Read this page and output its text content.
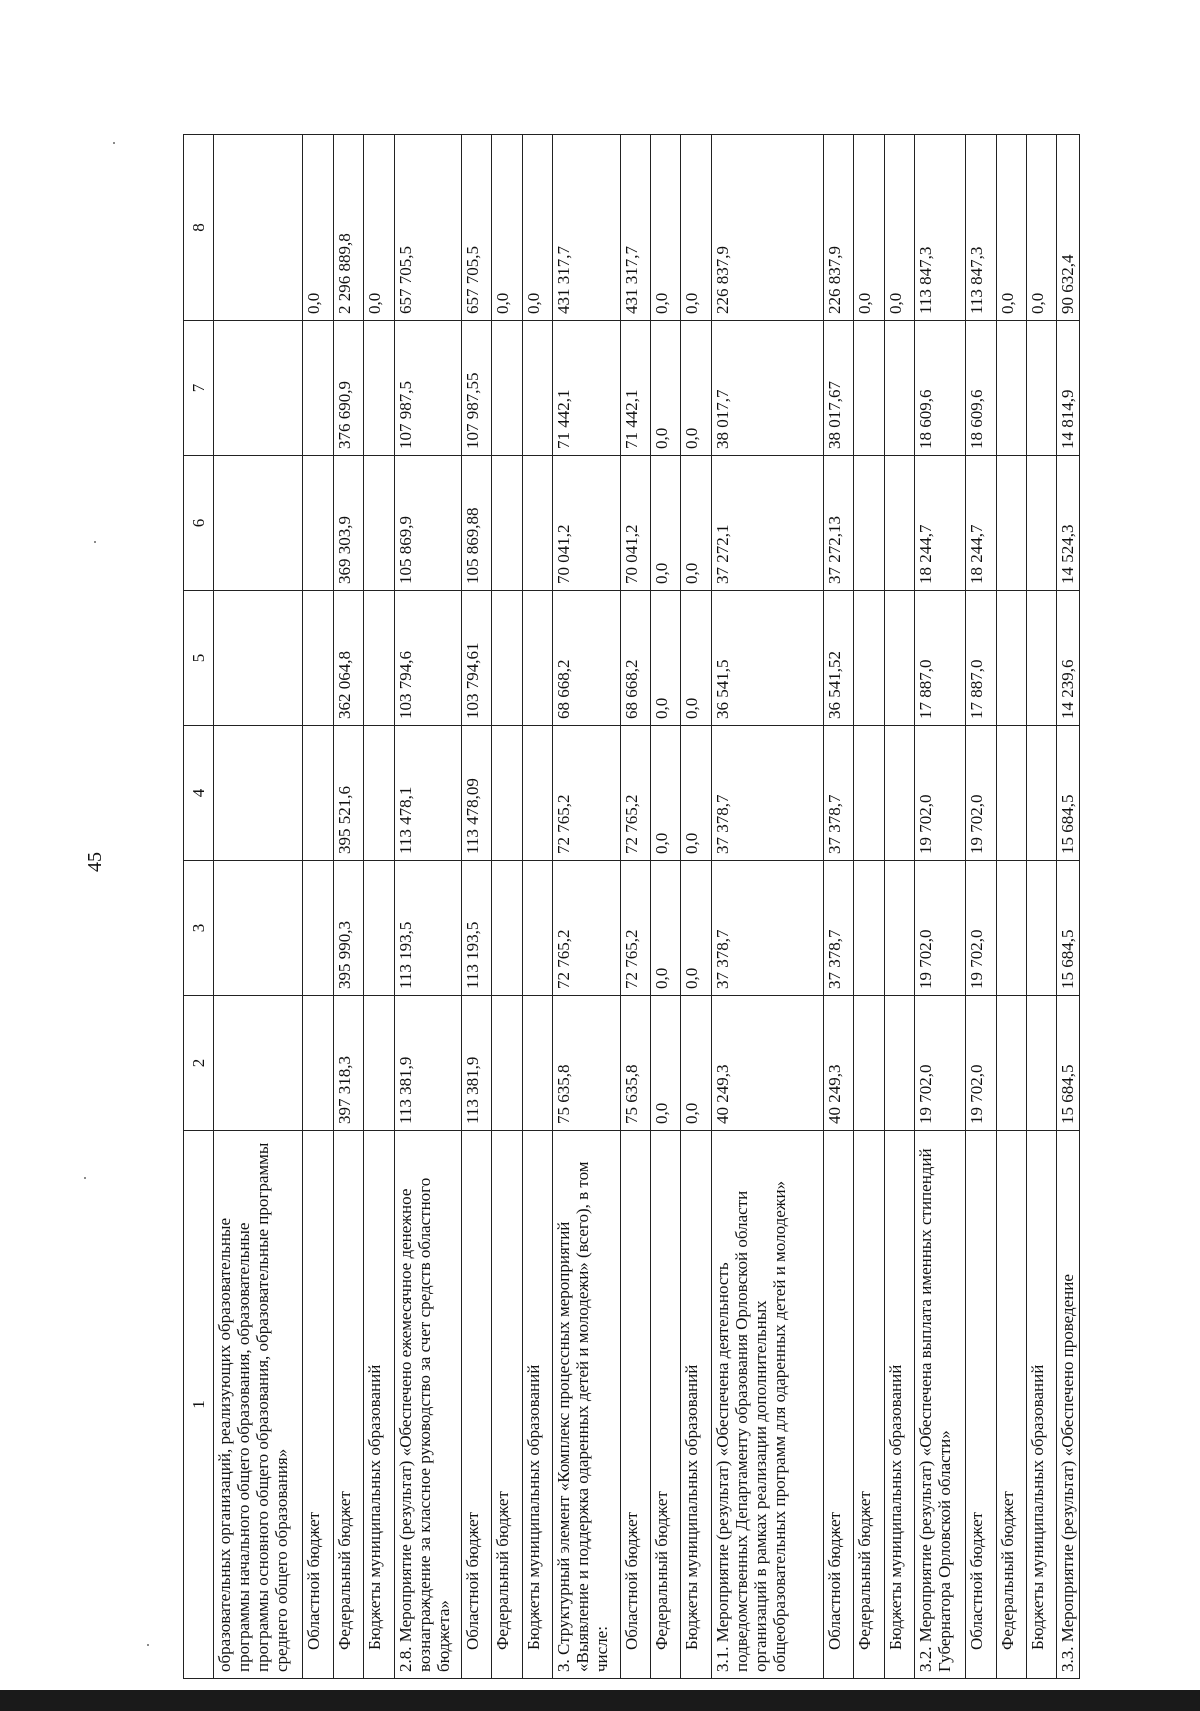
45
1	2	3	4	5	6	7	8
образовательных организаций, реализующих образовательные программы начального общего образования, образовательные программы основного общего образования, образовательные программы среднего общего образования»							
Областной бюджет							0,0
Федеральный бюджет	397 318,3	395 990,3	395 521,6	362 064,8	369 303,9	376 690,9	2 296 889,8
Бюджеты муниципальных образований							0,0
2.8. Мероприятие (результат) «Обеспечено ежемесячное денежное вознаграждение за классное руководство за счет средств областного бюджета»	113 381,9	113 193,5	113 478,1	103 794,6	105 869,9	107 987,5	657 705,5
Областной бюджет	113 381,9	113 193,5	113 478,09	103 794,61	105 869,88	107 987,55	657 705,5
Федеральный бюджет							0,0
Бюджеты муниципальных образований							0,0
3. Структурный элемент «Комплекс процессных мероприятий «Выявление и поддержка одаренных детей и молодежи» (всего), в том числе:	75 635,8	72 765,2	72 765,2	68 668,2	70 041,2	71 442,1	431 317,7
Областной бюджет	75 635,8	72 765,2	72 765,2	68 668,2	70 041,2	71 442,1	431 317,7
Федеральный бюджет	0,0	0,0	0,0	0,0	0,0	0,0	0,0
Бюджеты муниципальных образований	0,0	0,0	0,0	0,0	0,0	0,0	0,0
3.1. Мероприятие (результат) «Обеспечена деятельность подведомственных Департаменту образования Орловской области организаций в рамках реализации дополнительных общеобразовательных программ для одаренных детей и молодежи»	40 249,3	37 378,7	37 378,7	36 541,5	37 272,1	38 017,7	226 837,9
Областной бюджет	40 249,3	37 378,7	37 378,7	36 541,52	37 272,13	38 017,67	226 837,9
Федеральный бюджет							0,0
Бюджеты муниципальных образований							0,0
3.2. Мероприятие (результат) «Обеспечена выплата именных стипендий Губернатора Орловской области»	19 702,0	19 702,0	19 702,0	17 887,0	18 244,7	18 609,6	113 847,3
Областной бюджет	19 702,0	19 702,0	19 702,0	17 887,0	18 244,7	18 609,6	113 847,3
Федеральный бюджет							0,0
Бюджеты муниципальных образований							0,0
3.3. Мероприятие (результат) «Обеспечено проведение	15 684,5	15 684,5	15 684,5	14 239,6	14 524,3	14 814,9	90 632,4
